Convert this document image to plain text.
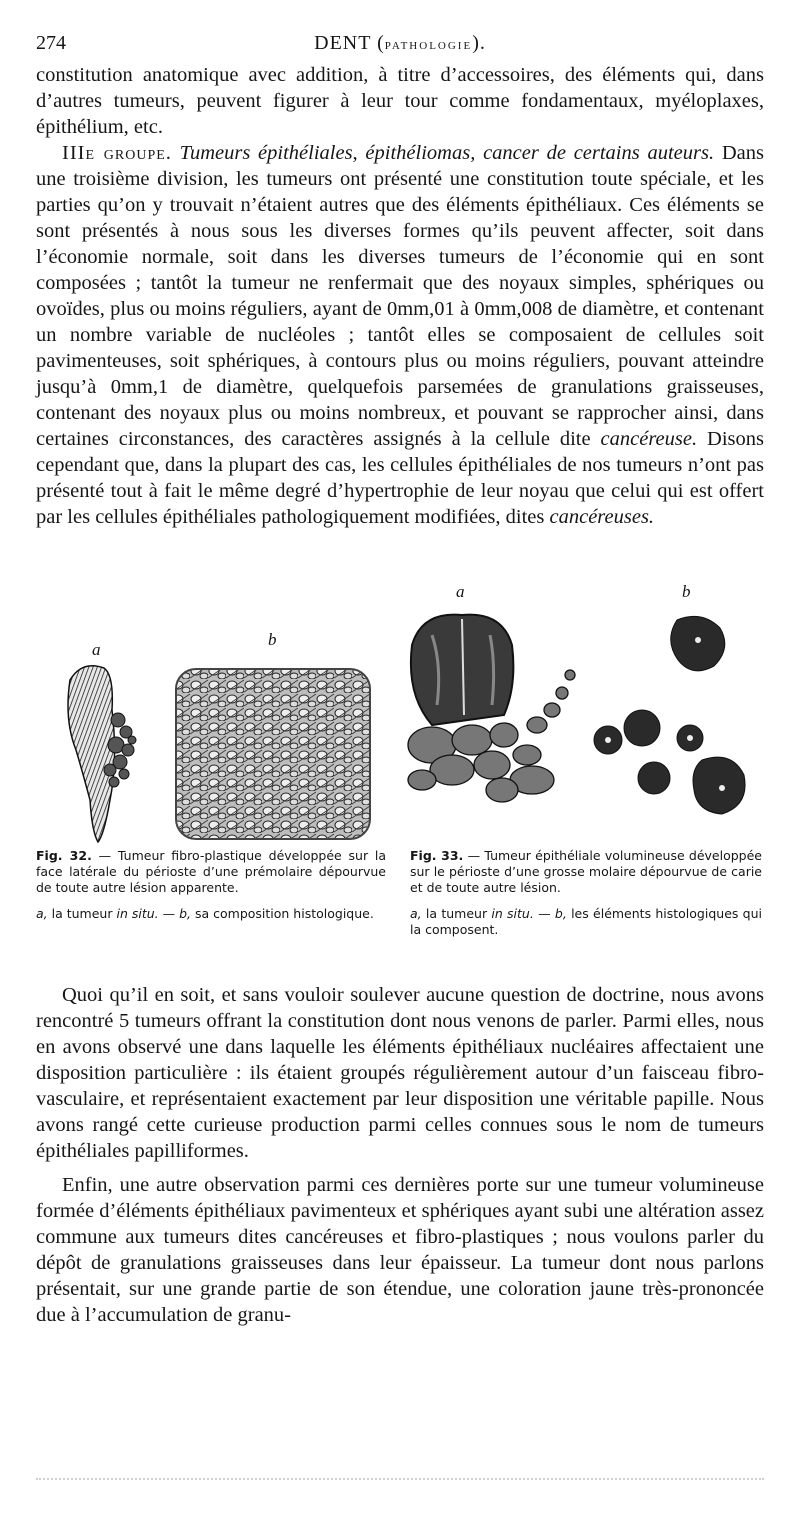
274	DENT (pathologie).

constitution anatomique avec addition, à titre d’accessoires, des éléments qui, dans d’autres tumeurs, peuvent figurer à leur tour comme fondamentaux, myéloplaxes, épithélium, etc.

IIIe groupe. Tumeurs épithéliales, épithéliomas, cancer de certains auteurs. Dans une troisième division, les tumeurs ont présenté une constitution toute spéciale, et les parties qu’on y trouvait n’étaient autres que des éléments épithéliaux. Ces éléments se sont présentés à nous sous les diverses formes qu’ils peuvent affecter, soit dans l’économie normale, soit dans les diverses tumeurs de l’économie qui en sont composées ; tantôt la tumeur ne renfermait que des noyaux simples, sphériques ou ovoïdes, plus ou moins réguliers, ayant de 0mm,01 à 0mm,008 de diamètre, et contenant un nombre variable de nucléoles ; tantôt elles se composaient de cellules soit pavimenteuses, soit sphériques, à contours plus ou moins réguliers, pouvant atteindre jusqu’à 0mm,1 de diamètre, quelquefois parsemées de granulations graisseuses, contenant des noyaux plus ou moins nombreux, et pouvant se rapprocher ainsi, dans certaines circonstances, des caractères assignés à la cellule dite cancéreuse. Disons cependant que, dans la plupart des cas, les cellules épithéliales de nos tumeurs n’ont pas présenté tout à fait le même degré d’hypertrophie de leur noyau que celui qui est offert par les cellules épithéliales pathologiquement modifiées, dites cancéreuses.

a
b
a	b

Fig. 32. — Tumeur fibro-plastique développée sur la face latérale du périoste d’une prémolaire dépourvue de toute autre lésion apparente.

a, la tumeur in situ. — b, sa composition histologique.

Fig. 33. — Tumeur épithéliale volumineuse développée sur le périoste d’une grosse molaire dépourvue de carie et de toute autre lésion.

a, la tumeur in situ. — b, les éléments histologiques qui la composent.

Quoi qu’il en soit, et sans vouloir soulever aucune question de doctrine, nous avons rencontré 5 tumeurs offrant la constitution dont nous venons de parler. Parmi elles, nous en avons observé une dans laquelle les éléments épithéliaux nucléaires affectaient une disposition particulière : ils étaient groupés régulièrement autour d’un faisceau fibro-vasculaire, et représentaient exactement par leur disposition une véritable papille. Nous avons rangé cette curieuse production parmi celles connues sous le nom de tumeurs épithéliales papilliformes.

Enfin, une autre observation parmi ces dernières porte sur une tumeur volumineuse formée d’éléments épithéliaux pavimenteux et sphériques ayant subi une altération assez commune aux tumeurs dites cancéreuses et fibro-plastiques ; nous voulons parler du dépôt de granulations graisseuses dans leur épaisseur. La tumeur dont nous parlons présentait, sur une grande partie de son étendue, une coloration jaune très-prononcée due à l’accumulation de granu-
